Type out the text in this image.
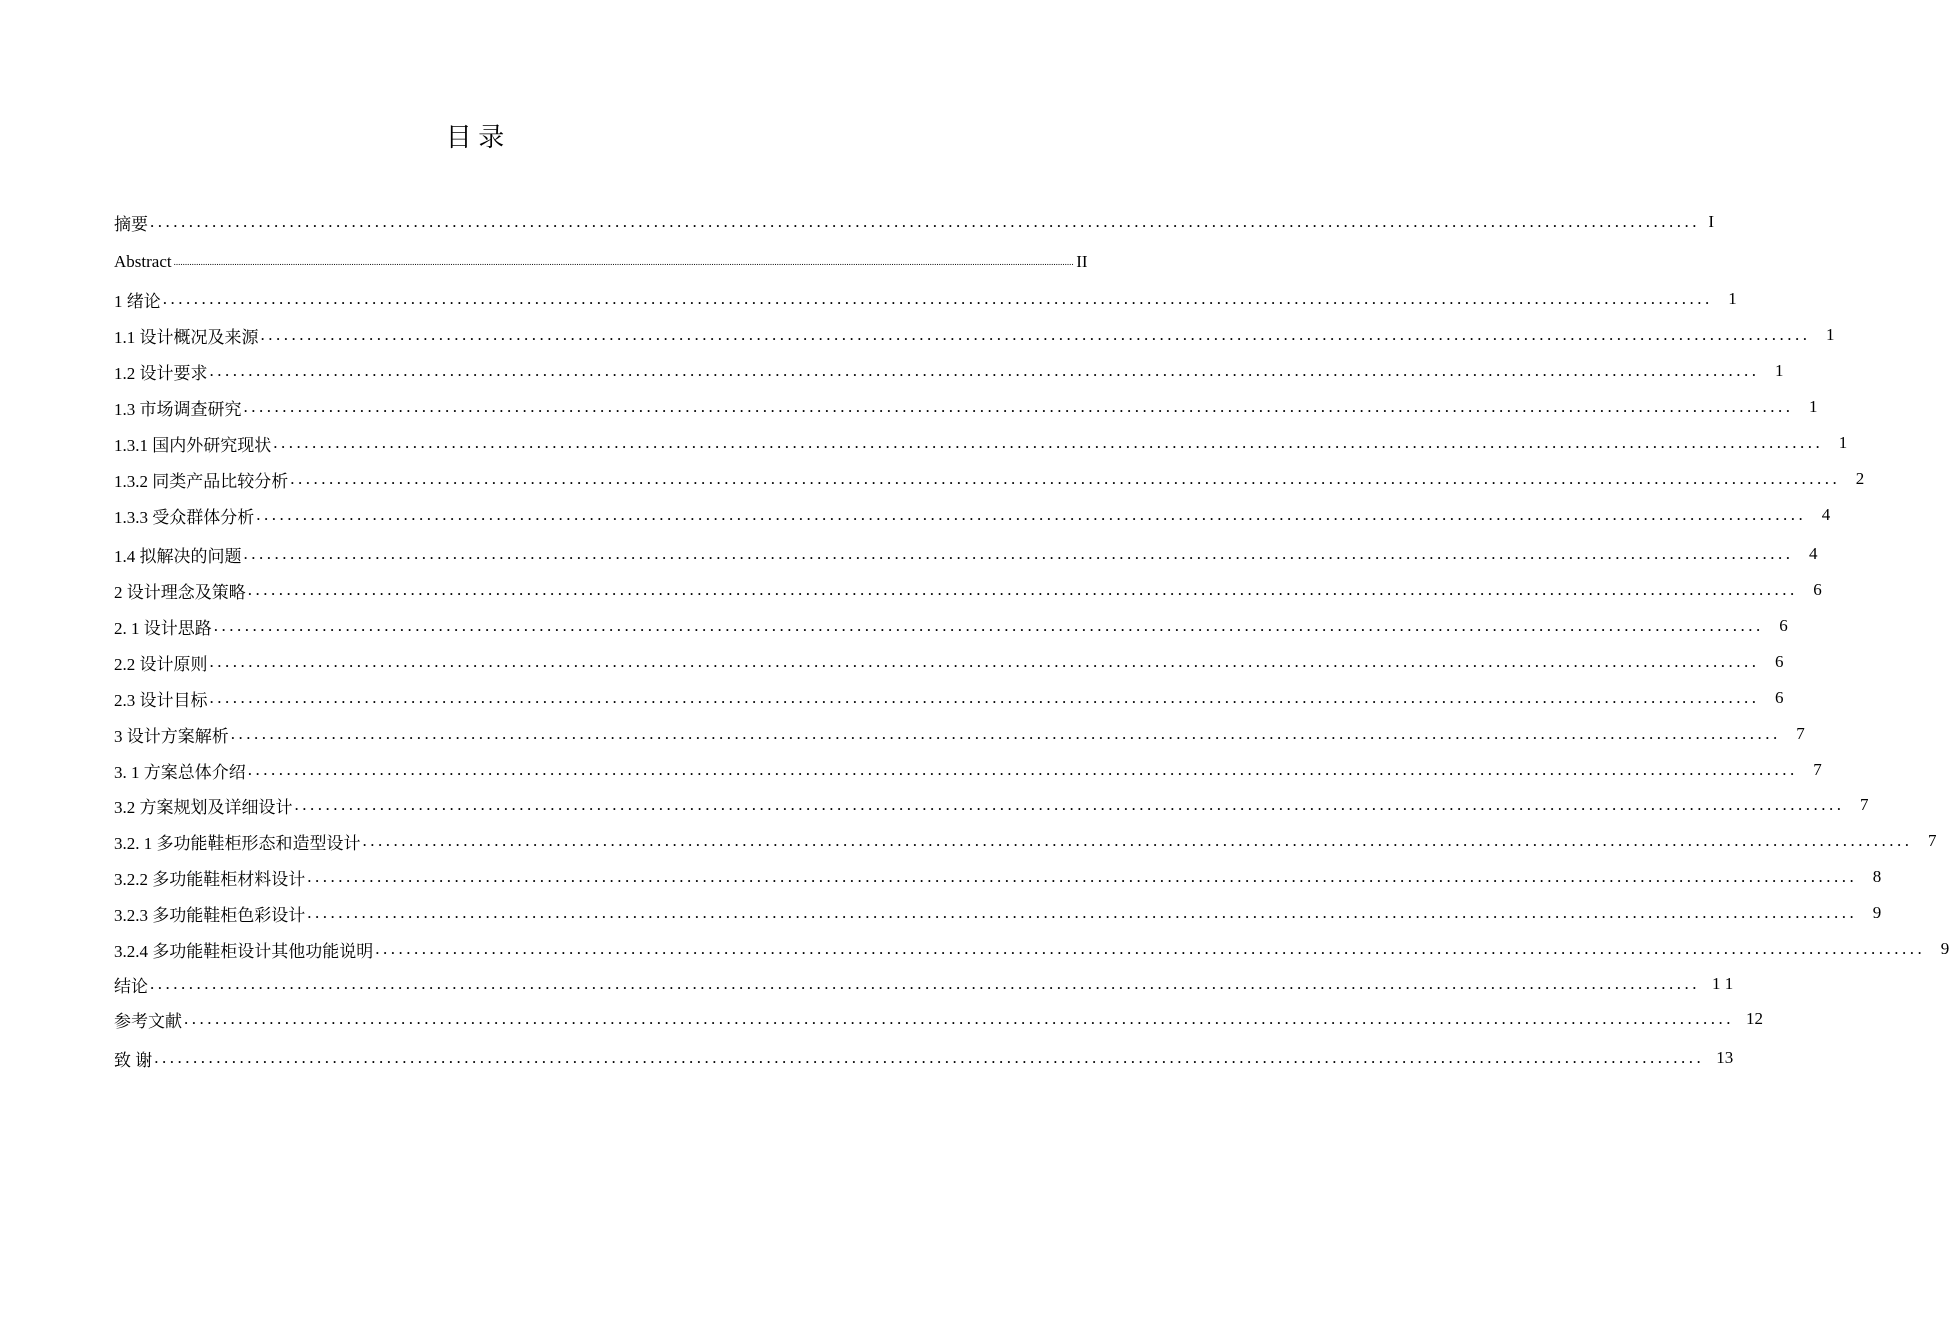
目 录
摘要 ........................................................................................................................................................................................................ I
Abstract ................................................................................................................................................................................................................................................................................................................................................................................................................ II
1 绪论 ........................................................................................................................................................................................................ 1
1.1 设计概况及来源 ........................................................................................................................................................................................................ 1
1.2 设计要求 ........................................................................................................................................................................................................ 1
1.3 市场调查研究 ........................................................................................................................................................................................................ 1
1.3.1 国内外研究现状 ........................................................................................................................................................................................................ 1
1.3.2 同类产品比较分析 ........................................................................................................................................................................................................ 2
1.3.3 受众群体分析 ........................................................................................................................................................................................................ 4
1.4 拟解决的问题 ........................................................................................................................................................................................................ 4
2 设计理念及策略 ........................................................................................................................................................................................................ 6
2. 1 设计思路 ........................................................................................................................................................................................................ 6
2.2 设计原则 ........................................................................................................................................................................................................ 6
2.3 设计目标 ........................................................................................................................................................................................................ 6
3 设计方案解析 ........................................................................................................................................................................................................ 7
3. 1 方案总体介绍 ........................................................................................................................................................................................................ 7
3.2 方案规划及详细设计 ........................................................................................................................................................................................................ 7
3.2. 1 多功能鞋柜形态和造型设计 ........................................................................................................................................................................................................ 7
3.2.2 多功能鞋柜材料设计 ........................................................................................................................................................................................................ 8
3.2.3 多功能鞋柜色彩设计 ........................................................................................................................................................................................................ 9
3.2.4 多功能鞋柜设计其他功能说明 ........................................................................................................................................................................................................ 9
结论 ........................................................................................................................................................................................................ 1 1
参考文献 ........................................................................................................................................................................................................ 12
致 谢 ........................................................................................................................................................................................................ 13
